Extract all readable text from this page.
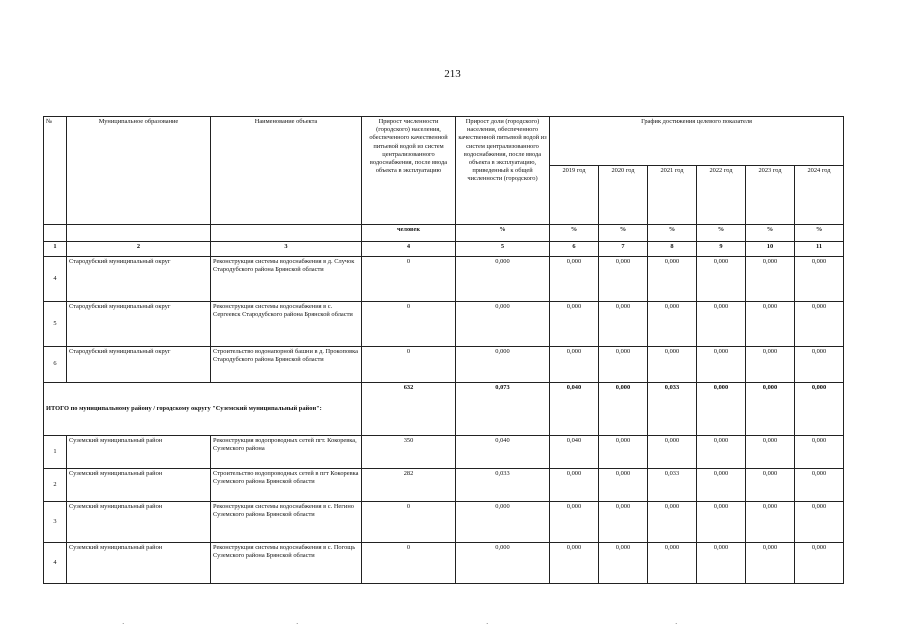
213
№	Муниципальное образование	Наименование объекта	Прирост численности (городского) населения, обеспеченного качественной питьевой водой из систем централизованного водоснабжения, после ввода объекта в эксплуатацию	Прирост доли (городского) населения, обеспеченного качественной питьевой водой из систем централизованного водоснабжения, после ввода объекта в эксплуатацию, приведенный к общей численности (городского)	График достижения целевого показателя					
					2019 год	2020 год	2021 год	2022 год	2023 год	2024 год
			человек	%	%	%	%	%	%	%
1	2	3	4	5	6	7	8	9	10	11
4	Стародубский муниципальный округ	Реконструкция системы водоснабжения в д. Случок Стародубского района Брянской области	0	0,000	0,000	0,000	0,000	0,000	0,000	0,000
5	Стародубский муниципальный округ	Реконструкция системы водоснабжения в с. Сергеевск Стародубского района Брянской области	0	0,000	0,000	0,000	0,000	0,000	0,000	0,000
6	Стародубский муниципальный округ	Строительство водонапорной башни в д. Прокоповка Стародубского района Брянской области	0	0,000	0,000	0,000	0,000	0,000	0,000	0,000
ИТОГО по муниципальному району / городскому округу "Суземский муниципальный район":			632	0,073	0,040	0,000	0,033	0,000	0,000	0,000
1	Суземский муниципальный район	Реконструкция водопроводных сетей пгт. Кокоревка, Суземского района	350	0,040	0,040	0,000	0,000	0,000	0,000	0,000
2	Суземский муниципальный район	Строительство водопроводных сетей в пгт Кокоревка Суземского района Брянской области	282	0,033	0,000	0,000	0,033	0,000	0,000	0,000
3	Суземский муниципальный район	Реконструкция системы водоснабжения в с. Негино Суземского района Брянской области	0	0,000	0,000	0,000	0,000	0,000	0,000	0,000
4	Суземский муниципальный район	Реконструкция системы водоснабжения в с. Погощь Суземского района Брянской области	0	0,000	0,000	0,000	0,000	0,000	0,000	0,000
·	·	·	·
